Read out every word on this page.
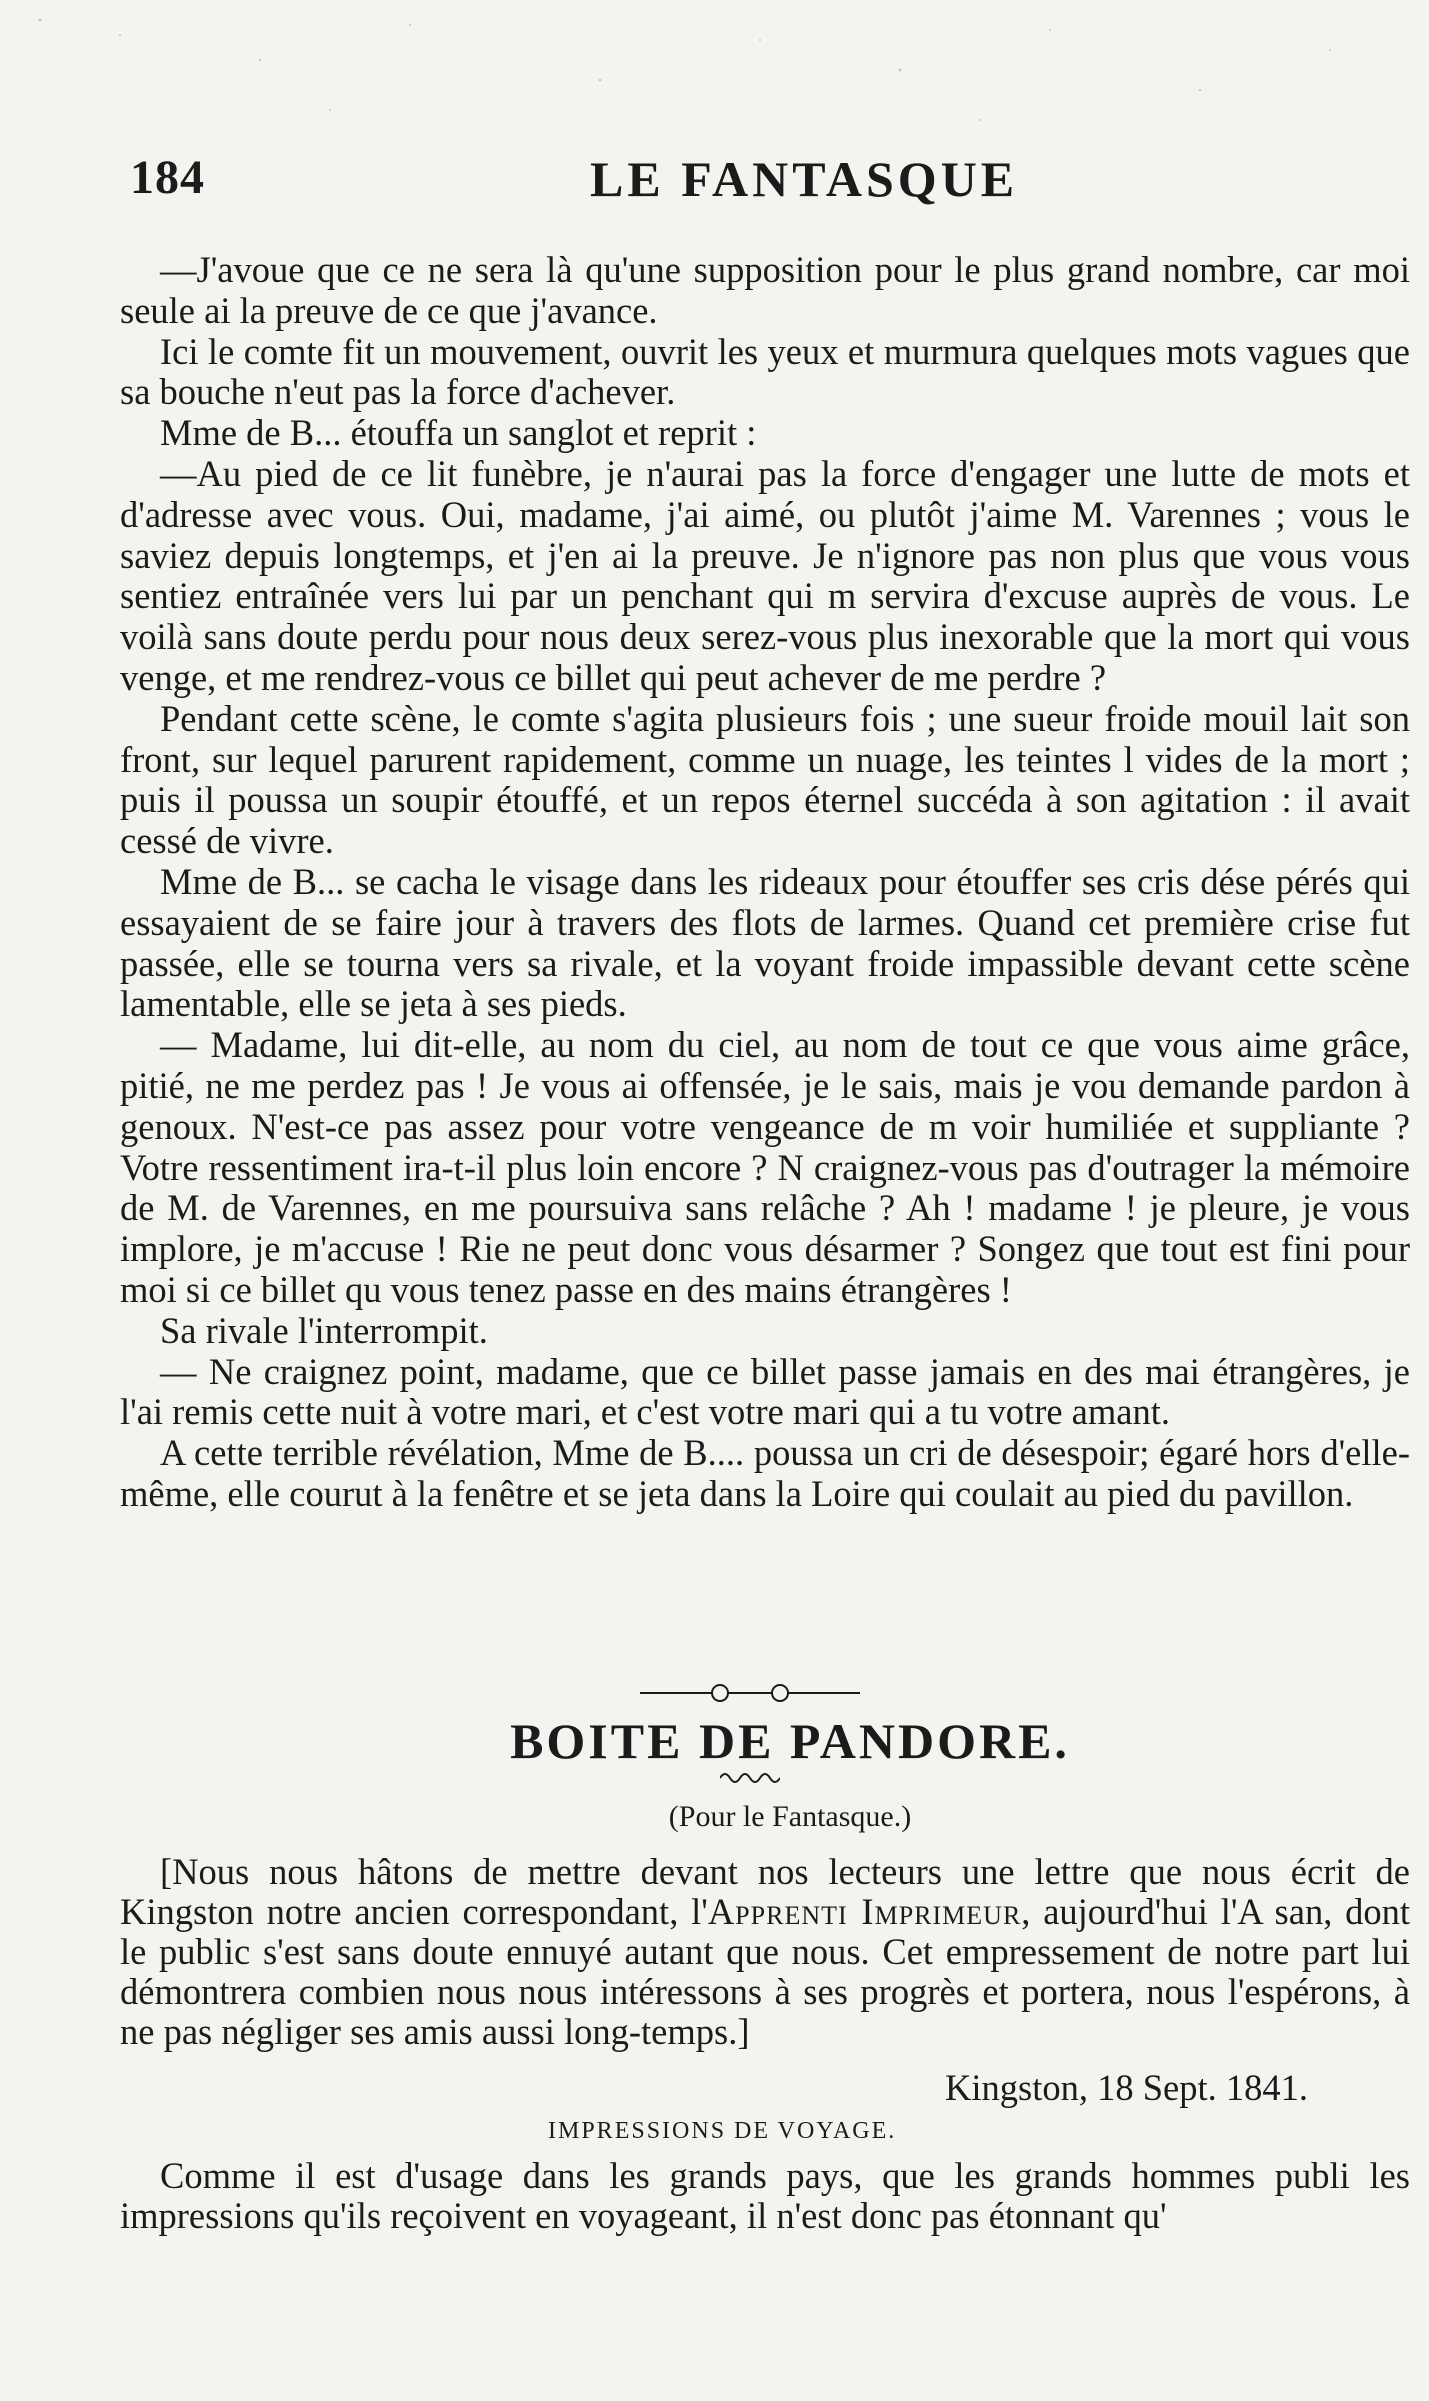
184	LE FANTASQUE

—J'avoue que ce ne sera là qu'une supposition pour le plus grand nombre, car moi seule ai la preuve de ce que j'avance.

Ici le comte fit un mouvement, ouvrit les yeux et murmura quelques mots vagues que sa bouche n'eut pas la force d'achever.

Mme de B... étouffa un sanglot et reprit :

—Au pied de ce lit funèbre, je n'aurai pas la force d'engager une lutte de mots et d'adresse avec vous. Oui, madame, j'ai aimé, ou plutôt j'aime M. Varennes ; vous le saviez depuis longtemps, et j'en ai la preuve. Je n'ignore pas non plus que vous vous sentiez entraînée vers lui par un penchant qui m servira d'excuse auprès de vous. Le voilà sans doute perdu pour nous deux serez-vous plus inexorable que la mort qui vous venge, et me rendrez-vous ce billet qui peut achever de me perdre ?

Pendant cette scène, le comte s'agita plusieurs fois ; une sueur froide mouil lait son front, sur lequel parurent rapidement, comme un nuage, les teintes l vides de la mort ; puis il poussa un soupir étouffé, et un repos éternel succéda à son agitation : il avait cessé de vivre.

Mme de B... se cacha le visage dans les rideaux pour étouffer ses cris dése pérés qui essayaient de se faire jour à travers des flots de larmes. Quand cet première crise fut passée, elle se tourna vers sa rivale, et la voyant froide impassible devant cette scène lamentable, elle se jeta à ses pieds.

— Madame, lui dit-elle, au nom du ciel, au nom de tout ce que vous aime grâce, pitié, ne me perdez pas ! Je vous ai offensée, je le sais, mais je vou demande pardon à genoux. N'est-ce pas assez pour votre vengeance de m voir humiliée et suppliante ? Votre ressentiment ira-t-il plus loin encore ? N craignez-vous pas d'outrager la mémoire de M. de Varennes, en me poursuiva sans relâche ? Ah ! madame ! je pleure, je vous implore, je m'accuse ! Rie ne peut donc vous désarmer ? Songez que tout est fini pour moi si ce billet qu vous tenez passe en des mains étrangères !

Sa rivale l'interrompit.

— Ne craignez point, madame, que ce billet passe jamais en des mai étrangères, je l'ai remis cette nuit à votre mari, et c'est votre mari qui a tu votre amant.

A cette terrible révélation, Mme de B.... poussa un cri de désespoir; égaré hors d'elle-même, elle courut à la fenêtre et se jeta dans la Loire qui coulait au pied du pavillon.

BOITE DE PANDORE.
(Pour le Fantasque.)

[Nous nous hâtons de mettre devant nos lecteurs une lettre que nous écrit de Kingston notre ancien correspondant, l'Apprenti Imprimeur, aujourd'hui l'A san, dont le public s'est sans doute ennuyé autant que nous. Cet empressement de notre part lui démontrera combien nous nous intéressons à ses progrès et portera, nous l'espérons, à ne pas négliger ses amis aussi long-temps.]

Kingston, 18 Sept. 1841.
IMPRESSIONS DE VOYAGE.

Comme il est d'usage dans les grands pays, que les grands hommes publi les impressions qu'ils reçoivent en voyageant, il n'est donc pas étonnant qu'
